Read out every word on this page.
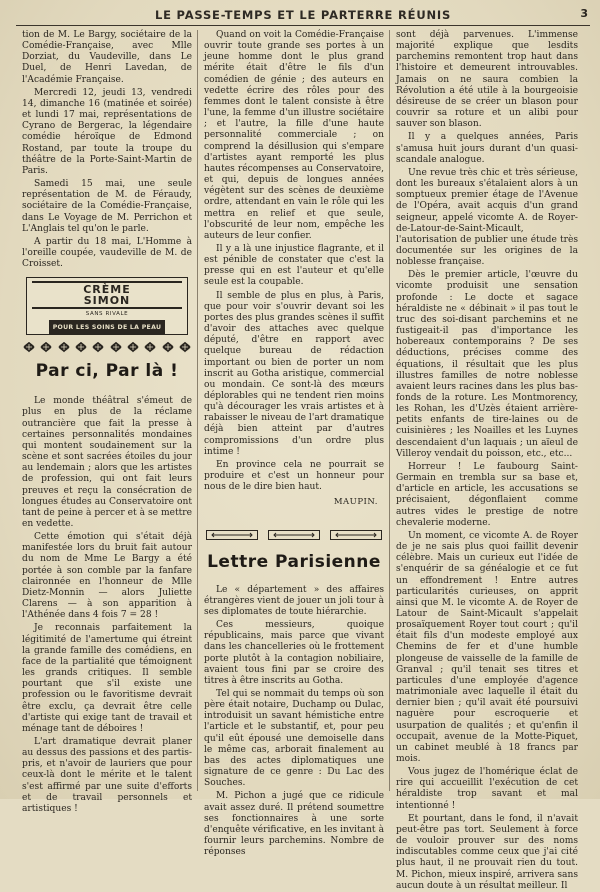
LE PASSE-TEMPS ET LE PARTERRE RÉUNIS	3

tion de M. Le Bargy, sociétaire de la Comédie-Française, avec Mlle Dorziat, du Vaudeville, dans Le Duel, de Henri Lavedan, de l'Académie Française.

Mercredi 12, jeudi 13, vendredi 14, dimanche 16 (matinée et soirée) et lundi 17 mai, représentations de Cyrano de Bergerac, la légendaire comédie héroïque de Edmond Rostand, par toute la troupe du théâtre de la Porte-Saint-Martin de Paris.

Samedi 15 mai, une seule représentation de M. de Féraudy, sociétaire de la Comédie-Française, dans Le Voyage de M. Perrichon et L'Anglais tel qu'on le parle.

A partir du 18 mai, L'Homme à l'oreille coupée, vaudeville de M. de Croisset.

CRÈME
SIMON
SANS RIVALE
POUR LES SOINS DE LA PEAU
Par ci, Par là !

Le monde théâtral s'émeut de plus en plus de la réclame outrancière que fait la presse à certaines personnalités mondaines qui montent soudainement sur la scène et sont sacrées étoiles du jour au lendemain ; alors que les artistes de profession, qui ont fait leurs preuves et reçu la consécration de longues études au Conservatoire ont tant de peine à percer et à se mettre en vedette.

Cette émotion qui s'était déjà manifestée lors du bruit fait autour du nom de Mme Le Bargy a été portée à son comble par la fanfare claironnée en l'honneur de Mlle Dietz-Monnin — alors Juliette Clarens — à son apparition à l'Athénée dans 4 fois 7 = 28 !

Je reconnais parfaitement la légitimité de l'amertume qui étreint la grande famille des comédiens, en face de la partialité que témoignent les grands critiques. Il semble pourtant que s'il existe une profession ou le favoritisme devrait être exclu, ça devrait être celle d'artiste qui exige tant de travail et ménage tant de déboires !

L'art dramatique devrait planer au dessus des passions et des partis-pris, et n'avoir de lauriers que pour ceux-là dont le mérite et le talent s'est affirmé par une suite d'efforts et de travail personnels et artistiques !

Quand on voit la Comédie-Française ouvrir toute grande ses portes à un jeune homme dont le plus grand mérite était d'être le fils d'un comédien de génie ; des auteurs en vedette écrire des rôles pour des femmes dont le talent consiste à être l'une, la femme d'un illustre sociétaire ; et l'autre, la fille d'une haute personnalité commerciale ; on comprend la désillusion qui s'empare d'artistes ayant remporté les plus hautes récompenses au Conservatoire, et qui, depuis de longues années végètent sur des scènes de deuxième ordre, attendant en vain le rôle qui les mettra en relief et que seule, l'obscurité de leur nom, empêche les auteurs de leur confier.

Il y a là une injustice flagrante, et il est pénible de constater que c'est la presse qui en est l'auteur et qu'elle seule est la coupable.

Il semble de plus en plus, à Paris, que pour voir s'ouvrir devant soi les portes des plus grandes scènes il suffit d'avoir des attaches avec quelque député, d'être en rapport avec quelque bureau de rédaction important ou bien de porter un nom inscrit au Gotha aristique, commercial ou mondain. Ce sont-là des mœurs déplorables qui ne tendent rien moins qu'à décourager les vrais artistes et à rabaisser le niveau de l'art dramatique déjà bien atteint par d'autres compromissions d'un ordre plus intime !

En province cela ne pourrait se produire et c'est un honneur pour nous de le dire bien haut.

MAUPIN.
Lettre Parisienne

Le « département » des affaires étrangères vient de jouer un joli tour à ses diplomates de toute hiérarchie.

Ces messieurs, quoique républicains, mais parce que vivant dans les chancelleries où le frottement porte plutôt à la contagion nobiliaire, avaient tous fini par se croire des titres à être inscrits au Gotha.

Tel qui se nommait du temps où son père était notaire, Duchamp ou Dulac, introduisit un savant hémistiche entre l'article et le substantif, et, pour peu qu'il eût épousé une demoiselle dans le même cas, arborait finalement au bas des actes diplomatiques une signature de ce genre : Du Lac des Souches.

M. Pichon a jugé que ce ridicule avait assez duré. Il prétend soumettre ses fonctionnaires à une sorte d'enquête vérificative, en les invitant à fournir leurs parchemins. Nombre de réponses

sont déjà parvenues. L'immense majorité explique que lesdits parchemins remontent trop haut dans l'histoire et demeurent introuvables. Jamais on ne saura combien la Révolution a été utile à la bourgeoisie désireuse de se créer un blason pour couvrir sa roture et un alibi pour sauver son blason.

Il y a quelques années, Paris s'amusa huit jours durant d'un quasi-scandale analogue.

Une revue très chic et très sérieuse, dont les bureaux s'étalaient alors à un somptueux premier étage de l'Avenue de l'Opéra, avait acquis d'un grand seigneur, appelé vicomte A. de Royer-de-Latour-de-Saint-Micault, l'autorisation de publier une étude très documentée sur les origines de la noblesse française.

Dès le premier article, l'œuvre du vicomte produisit une sensation profonde : Le docte et sagace héraldiste ne « débinait » il pas tout le truc des soi-disant parchemins et ne fustigeait-il pas d'importance les hobereaux contemporains ? De ses déductions, précises comme des équations, il résultait que les plus illustres familles de notre noblesse avaient leurs racines dans les plus bas-fonds de la roture. Les Montmorency, les Rohan, les d'Uzès étaient arrière-petits enfants de tire-laines ou de cuisinières ; les Noailles et les Luynes descendaient d'un laquais ; un aïeul de Villeroy vendait du poisson, etc., etc...

Horreur ! Le faubourg Saint-Germain en trembla sur sa base et, d'article en article, les accusations se précisaient, dégonflaient comme autres vides le prestige de notre chevalerie moderne.

Un moment, ce vicomte A. de Royer de je ne sais plus quoi faillit devenir célèbre. Mais un curieux eut l'idée de s'enquérir de sa généalogie et ce fut un effondrement ! Entre autres particularités curieuses, on apprit ainsi que M. le vicomte A. de Royer de Latour de Saint-Micault s'appelait prosaïquement Royer tout court ; qu'il était fils d'un modeste employé aux Chemins de fer et d'une humble plongeuse de vaisselle de la famille de Granval ; qu'il tenait ses titres et particules d'une employée d'agence matrimoniale avec laquelle il était du dernier bien ; qu'il avait été poursuivi naguère pour escroquerie et usurpation de qualités ; et qu'enfin il occupait, avenue de la Motte-Piquet, un cabinet meublé à 18 francs par mois.

Vous jugez de l'homérique éclat de rire qui accueillit l'exécution de cet héraldiste trop savant et mal intentionné !

Et pourtant, dans le fond, il n'avait peut-être pas tort. Seulement à force de vouloir prouver sur des noms indiscutables comme ceux que j'ai cité plus haut, il ne prouvait rien du tout. M. Pichon, mieux inspiré, arrivera sans aucun doute à un résultat meilleur. Il
